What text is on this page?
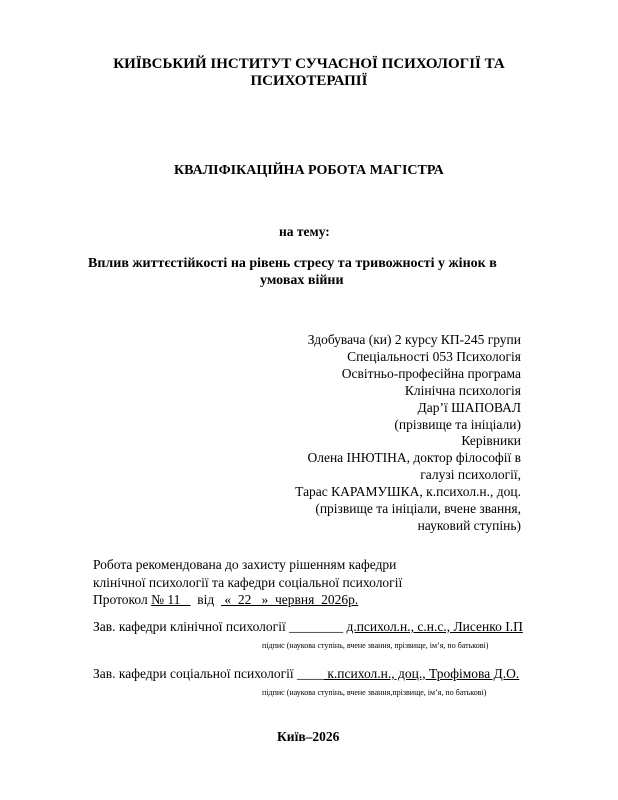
КИЇВСЬКИЙ ІНСТИТУТ СУЧАСНОЇ ПСИХОЛОГІЇ ТА
ПСИХОТЕРАПІЇ
КВАЛІФІКАЦІЙНА РОБОТА МАГІСТРА
на тему:
Вплив життєстійкості на рівень стресу та тривожності у жінок в
умовах війни
Здобувача (ки) 2 курсу КП-245 групи
Спеціальності 053 Психологія
Освітньо-професійна програма
Клінічна психологія
Дар’ї ШАПОВАЛ
(прізвище та ініціали)
Керівники
Олена ІНЮТІНА, доктор філософії в
галузі психології,
Тарас КАРАМУШКА, к.психол.н., доц.
(прізвище та ініціали, вчене звання,
науковий ступінь)
Робота рекомендована до захисту рішенням кафедри
клінічної психології та кафедри соціальної психології
Протокол № 11     від   «  22   »  червня  2026р.
Зав. кафедри клінічної психології ________ д.психол.н., с.н.с., Лисенко І.П
підпис (наукова ступінь, вчене звання, прізвище, ім’я, по батькові)
Зав. кафедри соціальної психології ____ к.психол.н., доц., Трофімова Д.О.
підпис (наукова ступінь, вчене звання,прізвище, ім’я, по батькові)
Київ–2026
